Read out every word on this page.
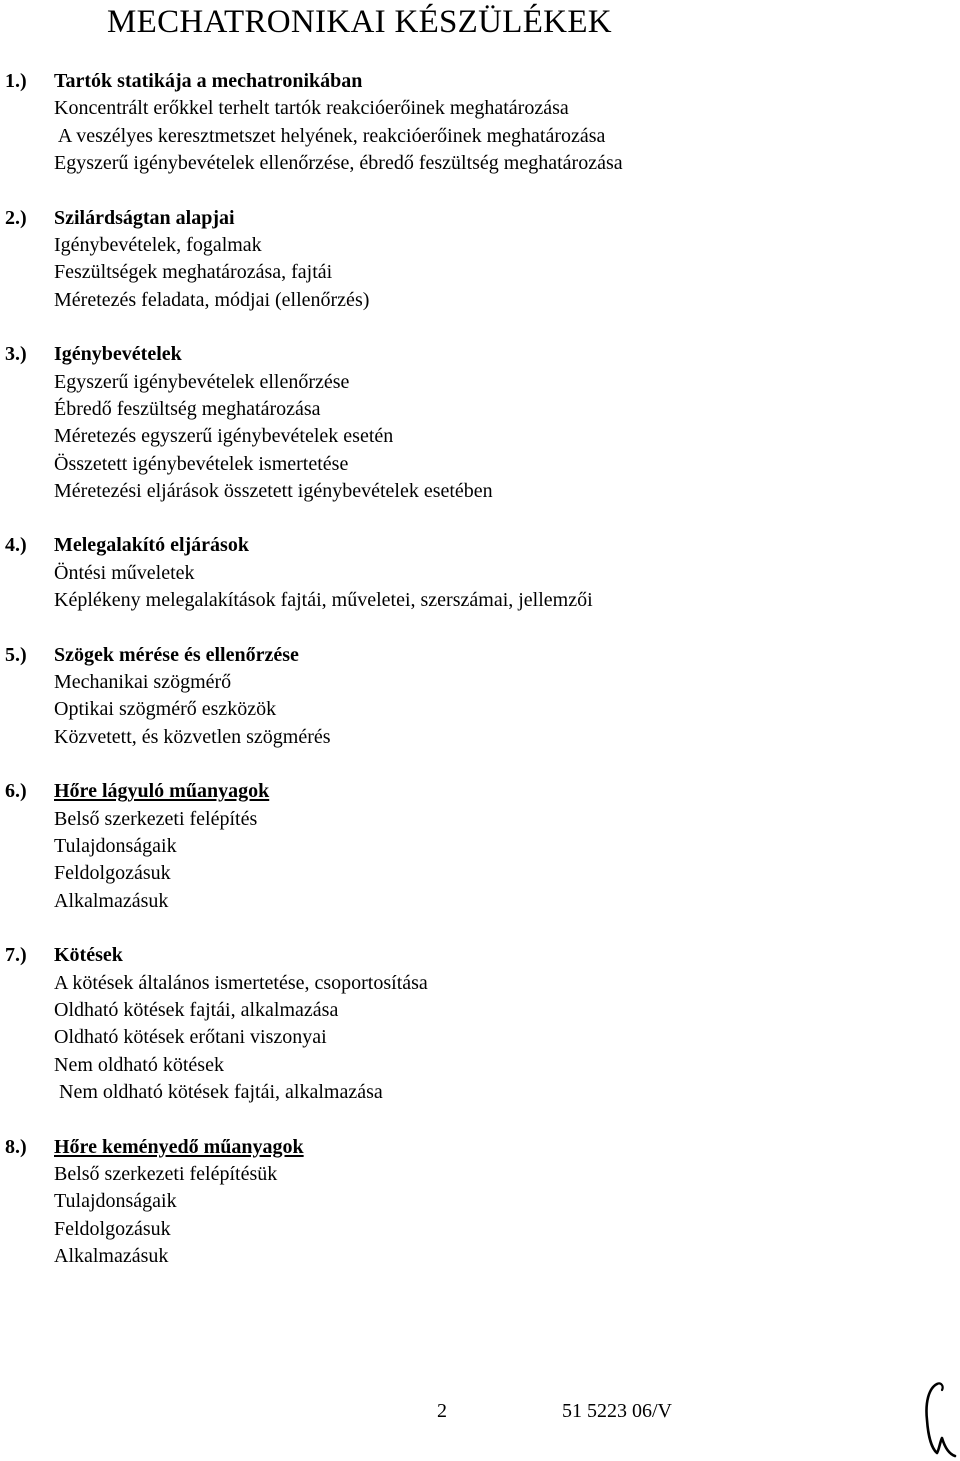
MECHATRONIKAI KÉSZÜLÉKEK
1.) Tartók statikája a mechatronikában
Koncentrált erőkkel terhelt tartók reakcióerőinek meghatározása
A veszélyes keresztmetszet helyének, reakcióerőinek meghatározása
Egyszerű igénybevételek ellenőrzése, ébredő feszültség meghatározása
2.) Szilárdságtan alapjai
Igénybevételek, fogalmak
Feszültségek meghatározása, fajtái
Méretezés feladata, módjai (ellenőrzés)
3.) Igénybevételek
Egyszerű igénybevételek ellenőrzése
Ébredő feszültség meghatározása
Méretezés egyszerű igénybevételek esetén
Összetett igénybevételek ismertetése
Méretezési eljárások összetett igénybevételek esetében
4.) Melegalakító eljárások
Öntési műveletek
Képlékeny melegalakítások fajtái, műveletei, szerszámai, jellemzői
5.) Szögek mérése és ellenőrzése
Mechanikai szögmérő
Optikai szögmérő eszközök
Közvetett, és közvetlen szögmérés
6.) Hőre lágyuló műanyagok
Belső szerkezeti felépítés
Tulajdonságaik
Feldolgozásuk
Alkalmazásuk
7.) Kötések
A kötések általános ismertetése, csoportosítása
Oldható kötések fajtái, alkalmazása
Oldható kötések erőtani viszonyai
Nem oldható kötések
Nem oldható kötések fajtái, alkalmazása
8.) Hőre keményedő műanyagok
Belső szerkezeti felépítésük
Tulajdonságaik
Feldolgozásuk
Alkalmazásuk
2	51 5223 06/V
